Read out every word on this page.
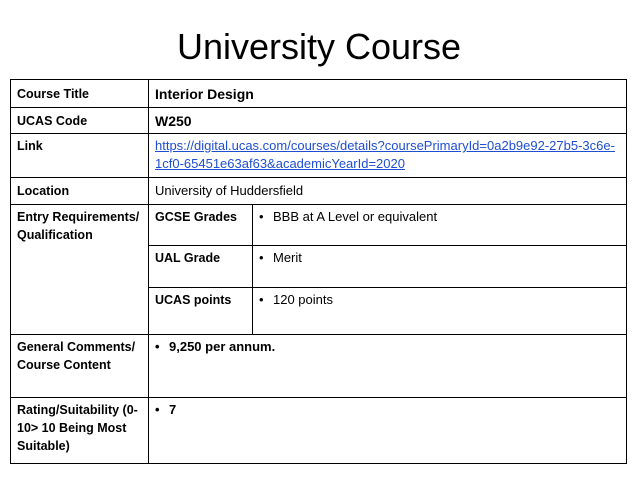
University Course
Course Title	Interior Design	
UCAS Code	W250	
Link	https://digital.ucas.com/courses/details?coursePrimaryId=0a2b9e92-27b5-3c6e-1cf0-65451e63af63&academicYearId=2020	
Location	University of Huddersfield	
Entry Requirements/ Qualification	GCSE Grades	•BBB at A Level or equivalent
	UAL Grade	•Merit
	UCAS points	•120 points
General Comments/ Course Content	• 9,250 per annum.
Rating/Suitability (0-10> 10 Being Most Suitable)	• 7
